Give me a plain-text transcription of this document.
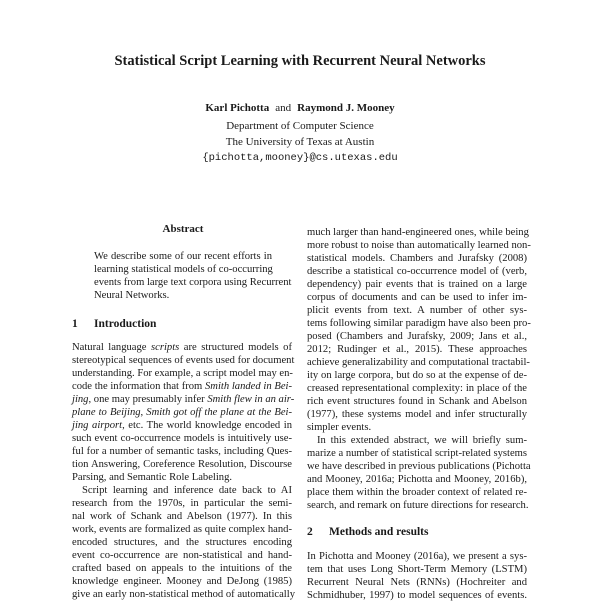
Statistical Script Learning with Recurrent Neural Networks
Karl Pichotta and Raymond J. Mooney
Department of Computer Science
The University of Texas at Austin
{pichotta,mooney}@cs.utexas.edu
Abstract
We describe some of our recent efforts in
learning statistical models of co-occurring
events from large text corpora using Recurrent
Neural Networks.
1 Introduction
Natural language scripts are structured models of
stereotypical sequences of events used for document
understanding. For example, a script model may en-
code the information that from Smith landed in Bei-
jing, one may presumably infer Smith flew in an air-
plane to Beijing, Smith got off the plane at the Bei-
jing airport, etc. The world knowledge encoded in
such event co-occurrence models is intuitively use-
ful for a number of semantic tasks, including Ques-
tion Answering, Coreference Resolution, Discourse
Parsing, and Semantic Role Labeling.
Script learning and inference date back to AI
research from the 1970s, in particular the semi-
nal work of Schank and Abelson (1977). In this
work, events are formalized as quite complex hand-
encoded structures, and the structures encoding
event co-occurrence are non-statistical and hand-
crafted based on appeals to the intuitions of the
knowledge engineer. Mooney and DeJong (1985)
give an early non-statistical method of automatically
much larger than hand-engineered ones, while being
more robust to noise than automatically learned non-
statistical models. Chambers and Jurafsky (2008)
describe a statistical co-occurrence model of (verb,
dependency) pair events that is trained on a large
corpus of documents and can be used to infer im-
plicit events from text. A number of other sys-
tems following similar paradigm have also been pro-
posed (Chambers and Jurafsky, 2009; Jans et al.,
2012; Rudinger et al., 2015). These approaches
achieve generalizability and computational tractabil-
ity on large corpora, but do so at the expense of de-
creased representational complexity: in place of the
rich event structures found in Schank and Abelson
(1977), these systems model and infer structurally
simpler events.
In this extended abstract, we will briefly sum-
marize a number of statistical script-related systems
we have described in previous publications (Pichotta
and Mooney, 2016a; Pichotta and Mooney, 2016b),
place them within the broader context of related re-
search, and remark on future directions for research.
2 Methods and results
In Pichotta and Mooney (2016a), we present a sys-
tem that uses Long Short-Term Memory (LSTM)
Recurrent Neural Nets (RNNs) (Hochreiter and
Schmidhuber, 1997) to model sequences of events.
